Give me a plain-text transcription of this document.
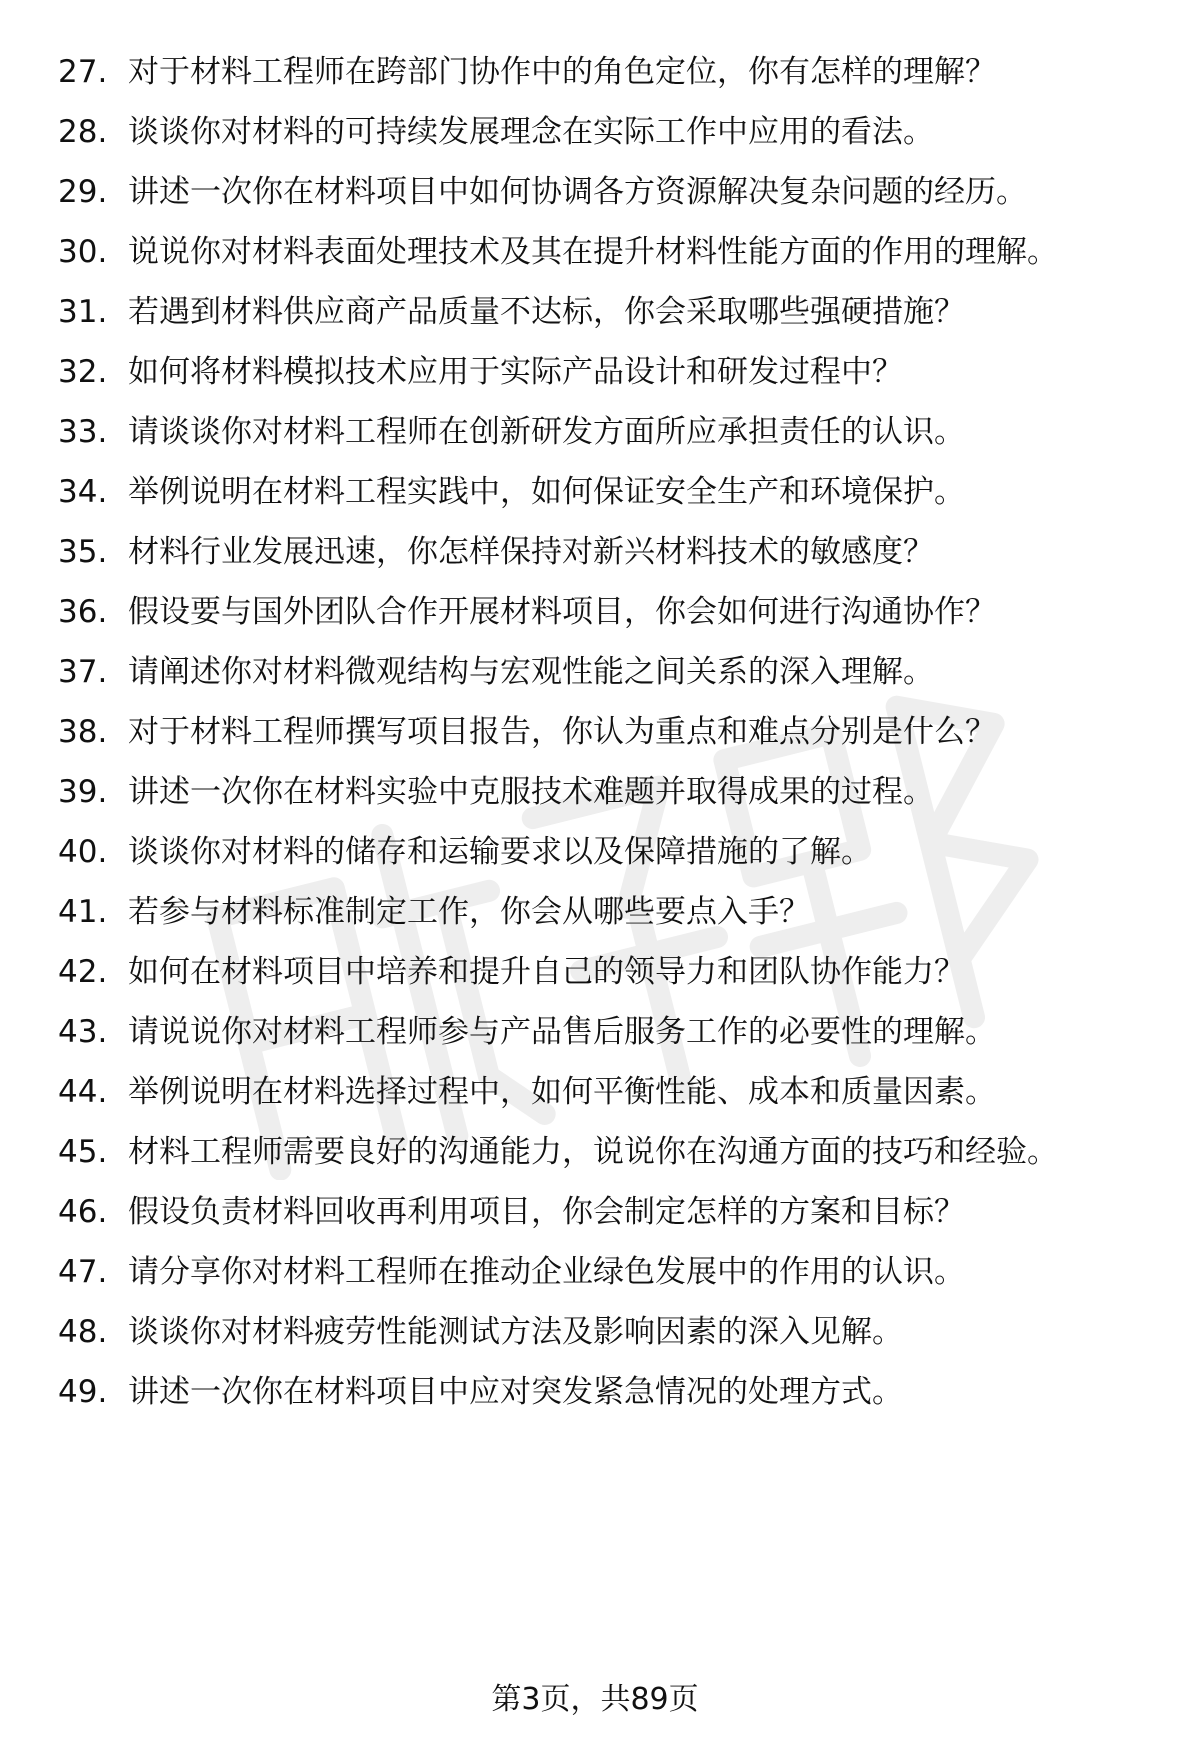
27. 对于材料工程师在跨部门协作中的角色定位，你有怎样的理解？
28. 谈谈你对材料的可持续发展理念在实际工作中应用的看法。
29. 讲述一次你在材料项目中如何协调各方资源解决复杂问题的经历。
30. 说说你对材料表面处理技术及其在提升材料性能方面的作用的理解。
31. 若遇到材料供应商产品质量不达标，你会采取哪些强硬措施？
32. 如何将材料模拟技术应用于实际产品设计和研发过程中？
33. 请谈谈你对材料工程师在创新研发方面所应承担责任的认识。
34. 举例说明在材料工程实践中，如何保证安全生产和环境保护。
35. 材料行业发展迅速，你怎样保持对新兴材料技术的敏感度？
36. 假设要与国外团队合作开展材料项目，你会如何进行沟通协作？
37. 请阐述你对材料微观结构与宏观性能之间关系的深入理解。
38. 对于材料工程师撰写项目报告，你认为重点和难点分别是什么？
39. 讲述一次你在材料实验中克服技术难题并取得成果的过程。
40. 谈谈你对材料的储存和运输要求以及保障措施的了解。
41. 若参与材料标准制定工作，你会从哪些要点入手？
42. 如何在材料项目中培养和提升自己的领导力和团队协作能力？
43. 请说说你对材料工程师参与产品售后服务工作的必要性的理解。
44. 举例说明在材料选择过程中，如何平衡性能、成本和质量因素。
45. 材料工程师需要良好的沟通能力，说说你在沟通方面的技巧和经验。
46. 假设负责材料回收再利用项目，你会制定怎样的方案和目标？
47. 请分享你对材料工程师在推动企业绿色发展中的作用的认识。
48. 谈谈你对材料疲劳性能测试方法及影响因素的深入见解。
49. 讲述一次你在材料项目中应对突发紧急情况的处理方式。
第3页，共89页
